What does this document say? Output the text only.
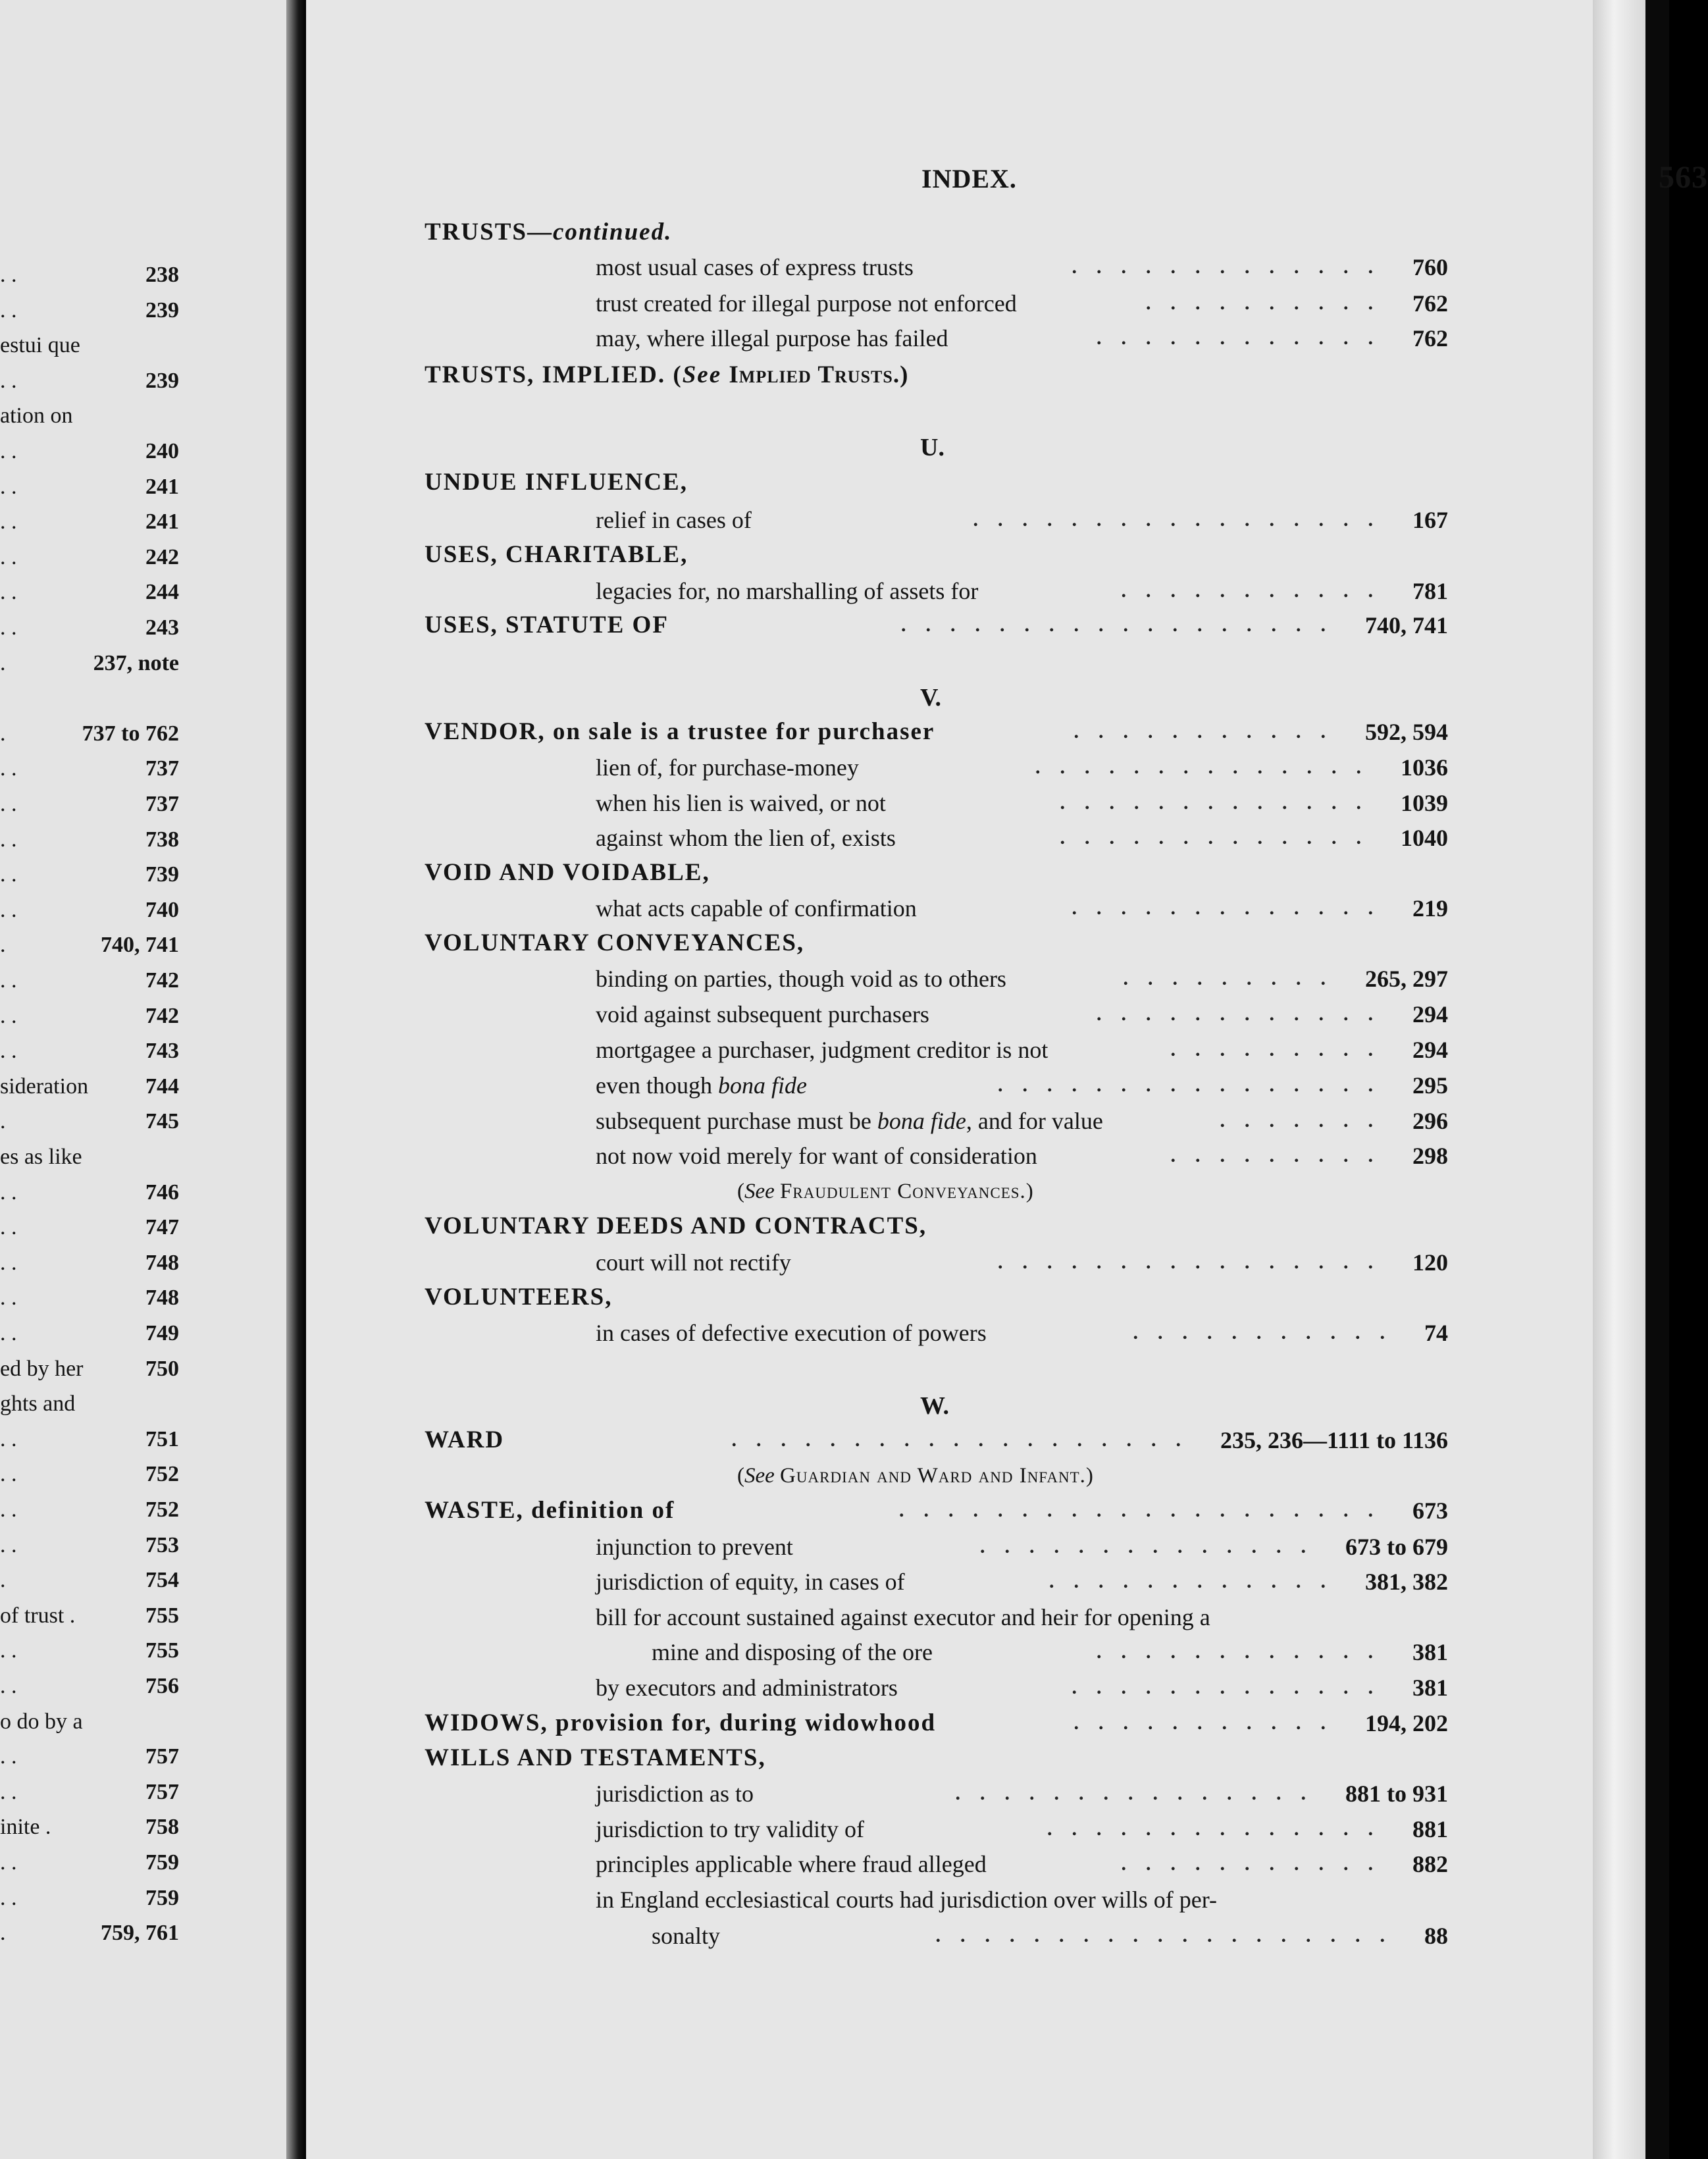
. .	238
. .	239
estui que
. .	239
ation on
. .	240
. .	241
. .	241
. .	242
. .	244
. .	243
.	237, note
.	737 to 762
. .	737
. .	737
. .	738
. .	739
. .	740
.	740, 741
. .	742
. .	742
. .	743
sideration	744
.	745
es as like
. .	746
. .	747
. .	748
. .	748
. .	749
ed by her	750
ghts and
. .	751
. .	752
. .	752
. .	753
.	754
of trust .	755
. .	755
. .	756
o do by a
. .	757
. .	757
inite .	758
. .	759
. .	759
.	759, 761
INDEX.	563
TRUSTS—continued.
most usual cases of express trusts	. . . . . . . . . . . . .  760
trust created for illegal purpose not enforced	. . . . . . . . . .  762
may, where illegal purpose has failed	. . . . . . . . . . . .  762
TRUSTS, IMPLIED. (See Implied Trusts.)
U.
UNDUE INFLUENCE,
relief in cases of	. . . . . . . . . . . . . . . . .  167
USES, CHARITABLE,
legacies for, no marshalling of assets for	. . . . . . . . . . .  781
USES, STATUTE OF	. . . . . . . . . . . . . . . . . .  740, 741
V.
VENDOR, on sale is a trustee for purchaser	. . . . . . . . . . .  592, 594
lien of, for purchase-money	. . . . . . . . . . . . . .  1036
when his lien is waived, or not	. . . . . . . . . . . . .  1039
against whom the lien of, exists	. . . . . . . . . . . . .  1040
VOID AND VOIDABLE,
what acts capable of confirmation	. . . . . . . . . . . . .  219
VOLUNTARY CONVEYANCES,
binding on parties, though void as to others	. . . . . . . . .  265, 297
void against subsequent purchasers	. . . . . . . . . . . .  294
mortgagee a purchaser, judgment creditor is not	. . . . . . . . .  294
even though bona fide	. . . . . . . . . . . . . . . .  295
subsequent purchase must be bona fide, and for value	. . . . . . .  296
not now void merely for want of consideration	. . . . . . . . .  298
(See Fraudulent Conveyances.)
VOLUNTARY DEEDS AND CONTRACTS,
court will not rectify	. . . . . . . . . . . . . . . .  120
VOLUNTEERS,
in cases of defective execution of powers	. . . . . . . . . . .  74
W.
WARD	. . . . . . . . . . . . . . . . . . .  235, 236—1111 to 1136
(See Guardian and Ward and Infant.)
WASTE, definition of	. . . . . . . . . . . . . . . . . . . .  673
injunction to prevent	. . . . . . . . . . . . . .  673 to 679
jurisdiction of equity, in cases of	. . . . . . . . . . . .  381, 382
bill for account sustained against executor and heir for opening a
mine and disposing of the ore	. . . . . . . . . . . .  381
by executors and administrators	. . . . . . . . . . . . .  381
WIDOWS, provision for, during widowhood	. . . . . . . . . . .  194, 202
WILLS AND TESTAMENTS,
jurisdiction as to	. . . . . . . . . . . . . . .  881 to 931
jurisdiction to try validity of	. . . . . . . . . . . . . .  881
principles applicable where fraud alleged	. . . . . . . . . . .  882
in England ecclesiastical courts had jurisdiction over wills of per-
sonalty	. . . . . . . . . . . . . . . . . . .  88
